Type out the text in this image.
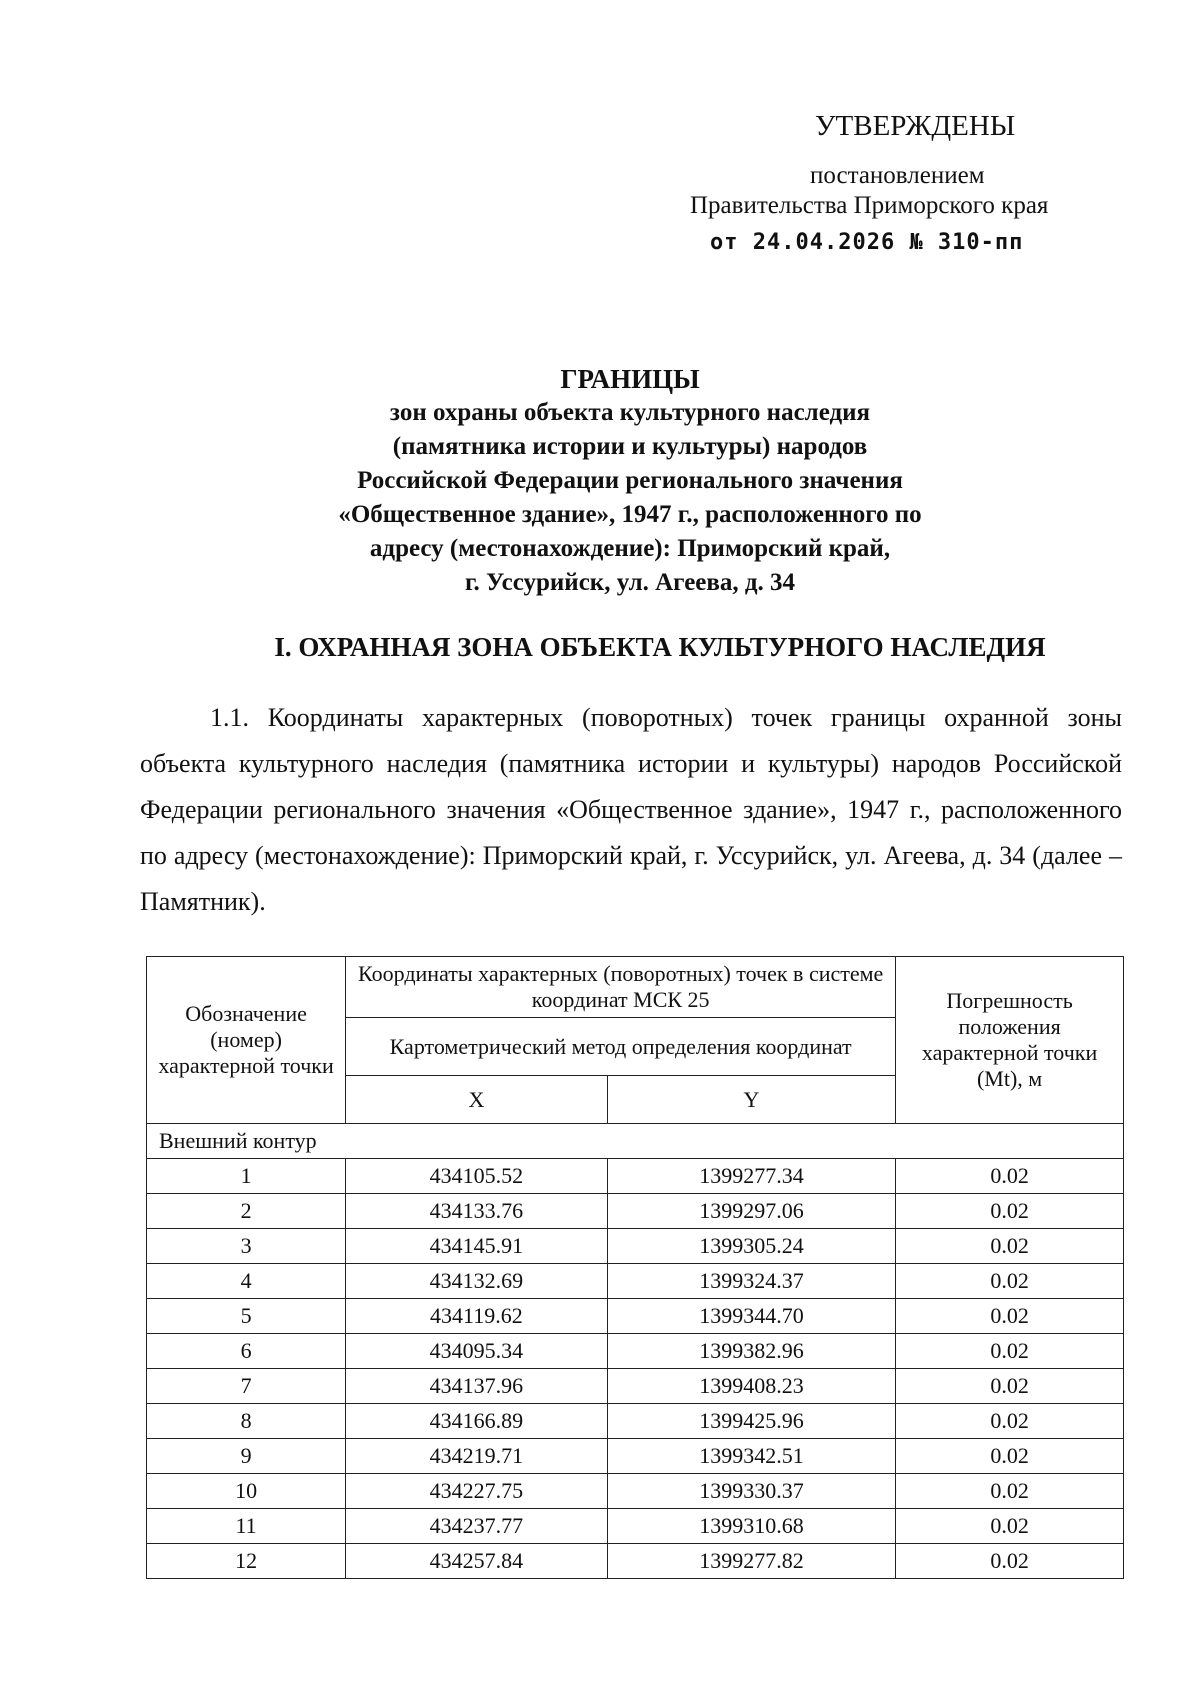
УТВЕРЖДЕНЫ
постановлением
Правительства Приморского края
от 24.04.2026 № 310-пп
ГРАНИЦЫ
зон охраны объекта культурного наследия
(памятника истории и культуры) народов
Российской Федерации регионального значения
«Общественное здание», 1947 г., расположенного по
адресу (местонахождение): Приморский край,
г. Уссурийск, ул. Агеева, д. 34
I. ОХРАННАЯ ЗОНА ОБЪЕКТА КУЛЬТУРНОГО НАСЛЕДИЯ
1.1. Координаты характерных (поворотных) точек границы охранной зоны объекта культурного наследия (памятника истории и культуры) народов Российской Федерации регионального значения «Общественное здание», 1947 г., расположенного по адресу (местонахождение): Приморский край, г. Уссурийск, ул. Агеева, д. 34 (далее – Памятник).
Обозначение (номер) характерной точки	Координаты характерных (поворотных) точек в системе координат МСК 25		Погрешность положения характерной точки (Mt), м
	Картометрический метод определения координат		
	X	Y	
Внешний контур			
1	434105.52	1399277.34	0.02
2	434133.76	1399297.06	0.02
3	434145.91	1399305.24	0.02
4	434132.69	1399324.37	0.02
5	434119.62	1399344.70	0.02
6	434095.34	1399382.96	0.02
7	434137.96	1399408.23	0.02
8	434166.89	1399425.96	0.02
9	434219.71	1399342.51	0.02
10	434227.75	1399330.37	0.02
11	434237.77	1399310.68	0.02
12	434257.84	1399277.82	0.02
